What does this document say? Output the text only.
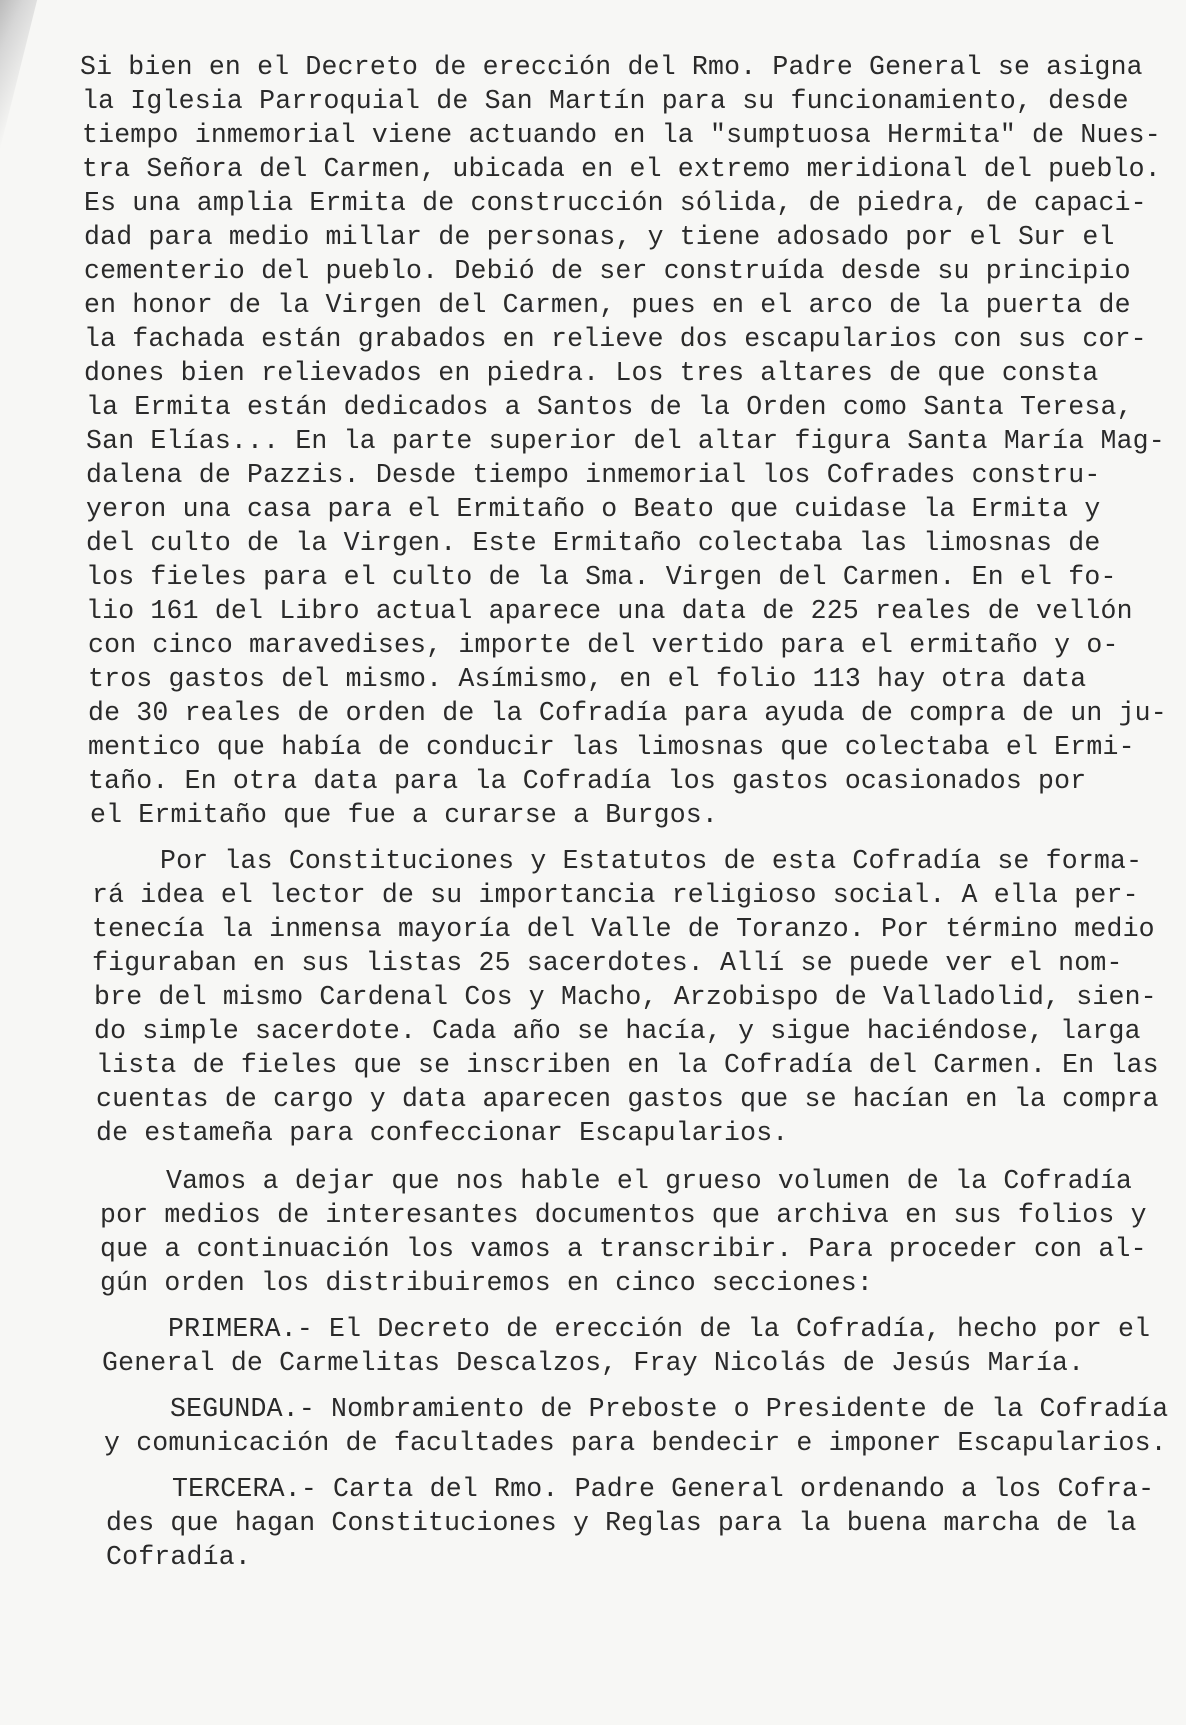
Si bien en el Decreto de erección del Rmo. Padre General se asigna
la Iglesia Parroquial de San Martín para su funcionamiento, desde
tiempo inmemorial viene actuando en la "sumptuosa Hermita" de Nues-
tra Señora del Carmen, ubicada en el extremo meridional del pueblo.
Es una amplia Ermita de construcción sólida, de piedra, de capaci-
dad para medio millar de personas, y tiene adosado por el Sur el
cementerio del pueblo. Debió de ser construída desde su principio
en honor de la Virgen del Carmen, pues en el arco de la puerta de
la fachada están grabados en relieve dos escapularios con sus cor-
dones bien relievados en piedra. Los tres altares de que consta
la Ermita están dedicados a Santos de la Orden como Santa Teresa,
San Elías... En la parte superior del altar figura Santa María Mag-
dalena de Pazzis. Desde tiempo inmemorial los Cofrades constru-
yeron una casa para el Ermitaño o Beato que cuidase la Ermita y
del culto de la Virgen. Este Ermitaño colectaba las limosnas de
los fieles para el culto de la Sma. Virgen del Carmen. En el fo-
lio 161 del Libro actual aparece una data de 225 reales de vellón
con cinco maravedises, importe del vertido para el ermitaño y o-
tros gastos del mismo. Asímismo, en el folio 113 hay otra data
de 30 reales de orden de la Cofradía para ayuda de compra de un ju-
mentico que había de conducir las limosnas que colectaba el Ermi-
taño. En otra data para la Cofradía los gastos ocasionados por
el Ermitaño que fue a curarse a Burgos.
Por las Constituciones y Estatutos de esta Cofradía se forma-
rá idea el lector de su importancia religioso social. A ella per-
tenecía la inmensa mayoría del Valle de Toranzo. Por término medio
figuraban en sus listas 25 sacerdotes. Allí se puede ver el nom-
bre del mismo Cardenal Cos y Macho, Arzobispo de Valladolid, sien-
do simple sacerdote. Cada año se hacía, y sigue haciéndose, larga
lista de fieles que se inscriben en la Cofradía del Carmen. En las
cuentas de cargo y data aparecen gastos que se hacían en la compra
de estameña para confeccionar Escapularios.
Vamos a dejar que nos hable el grueso volumen de la Cofradía
por medios de interesantes documentos que archiva en sus folios y
que a continuación los vamos a transcribir. Para proceder con al-
gún orden los distribuiremos en cinco secciones:
PRIMERA.- El Decreto de erección de la Cofradía, hecho por el
General de Carmelitas Descalzos, Fray Nicolás de Jesús María.
SEGUNDA.- Nombramiento de Preboste o Presidente de la Cofradía
y comunicación de facultades para bendecir e imponer Escapularios.
TERCERA.- Carta del Rmo. Padre General ordenando a los Cofra-
des que hagan Constituciones y Reglas para la buena marcha de la
Cofradía.
